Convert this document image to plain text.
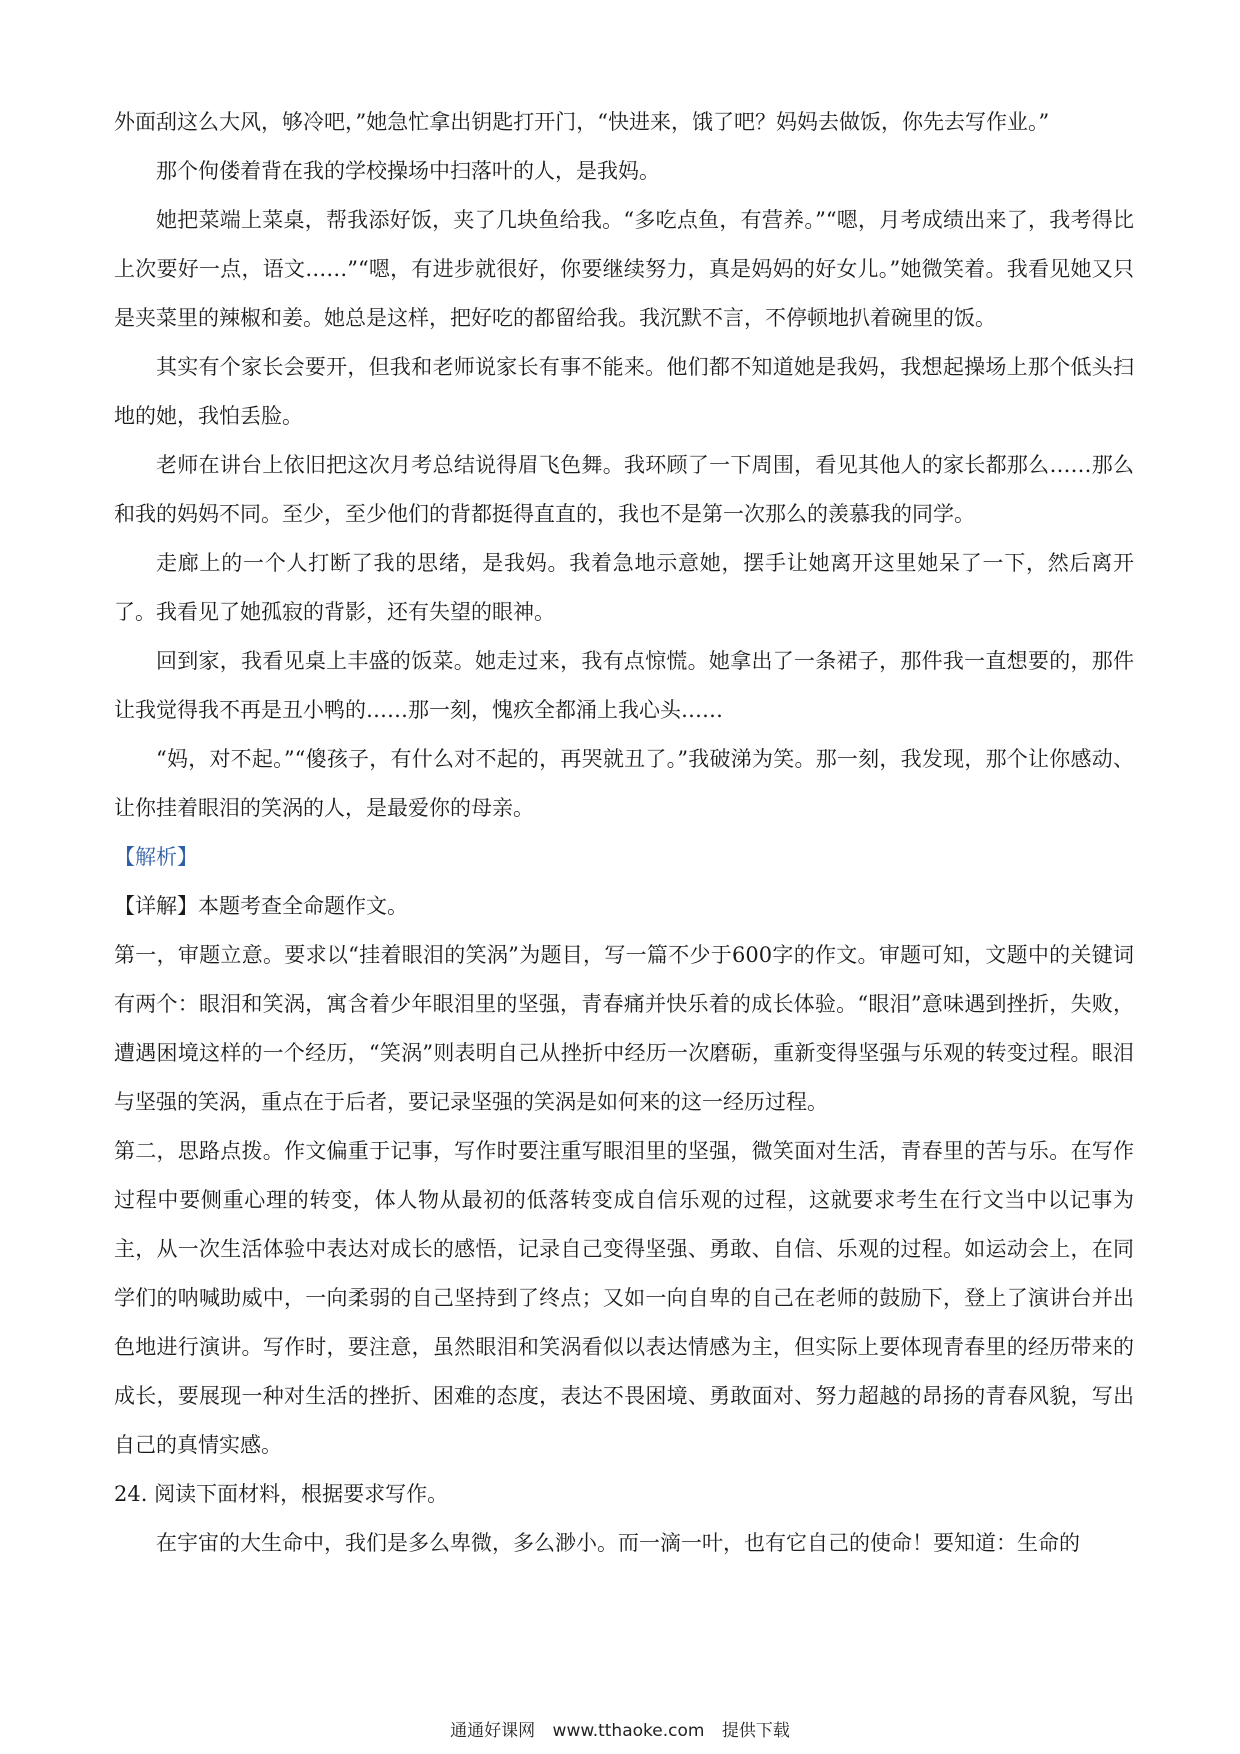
外面刮这么大风，够冷吧，”她急忙拿出钥匙打开门，“快进来，饿了吧？妈妈去做饭，你先去写作业。”

那个佝偻着背在我的学校操场中扫落叶的人，是我妈。

她把菜端上菜桌，帮我添好饭，夹了几块鱼给我。“多吃点鱼，有营养。”“嗯，月考成绩出来了，我考得比上次要好一点，语文……”“嗯，有进步就很好，你要继续努力，真是妈妈的好女儿。”她微笑着。我看见她又只是夹菜里的辣椒和姜。她总是这样，把好吃的都留给我。我沉默不言，不停顿地扒着碗里的饭。

其实有个家长会要开，但我和老师说家长有事不能来。他们都不知道她是我妈，我想起操场上那个低头扫地的她，我怕丢脸。

老师在讲台上依旧把这次月考总结说得眉飞色舞。我环顾了一下周围，看见其他人的家长都那么……那么和我的妈妈不同。至少，至少他们的背都挺得直直的，我也不是第一次那么的羡慕我的同学。

走廊上的一个人打断了我的思绪，是我妈。我着急地示意她，摆手让她离开这里她呆了一下，然后离开了。我看见了她孤寂的背影，还有失望的眼神。

回到家，我看见桌上丰盛的饭菜。她走过来，我有点惊慌。她拿出了一条裙子，那件我一直想要的，那件让我觉得我不再是丑小鸭的……那一刻，愧疚全都涌上我心头……

“妈，对不起。”“傻孩子，有什么对不起的，再哭就丑了。”我破涕为笑。那一刻，我发现，那个让你感动、让你挂着眼泪的笑涡的人，是最爱你的母亲。

【解析】

【详解】本题考查全命题作文。

第一，审题立意。要求以“挂着眼泪的笑涡”为题目，写一篇不少于600字的作文。审题可知，文题中的关键词有两个：眼泪和笑涡，寓含着少年眼泪里的坚强，青春痛并快乐着的成长体验。“眼泪”意味遇到挫折，失败，遭遇困境这样的一个经历，“笑涡”则表明自己从挫折中经历一次磨砺，重新变得坚强与乐观的转变过程。眼泪与坚强的笑涡，重点在于后者，要记录坚强的笑涡是如何来的这一经历过程。

第二，思路点拨。作文偏重于记事，写作时要注重写眼泪里的坚强，微笑面对生活，青春里的苦与乐。在写作过程中要侧重心理的转变，体人物从最初的低落转变成自信乐观的过程，这就要求考生在行文当中以记事为主，从一次生活体验中表达对成长的感悟，记录自己变得坚强、勇敢、自信、乐观的过程。如运动会上，在同学们的呐喊助威中，一向柔弱的自己坚持到了终点；又如一向自卑的自己在老师的鼓励下，登上了演讲台并出色地进行演讲。写作时，要注意，虽然眼泪和笑涡看似以表达情感为主，但实际上要体现青春里的经历带来的成长，要展现一种对生活的挫折、困难的态度，表达不畏困境、勇敢面对、努力超越的昂扬的青春风貌，写出自己的真情实感。

24. 阅读下面材料，根据要求写作。

在宇宙的大生命中，我们是多么卑微，多么渺小。而一滴一叶，也有它自己的使命！要知道：生命的

通通好课网 www.tthaoke.com 提供下载
